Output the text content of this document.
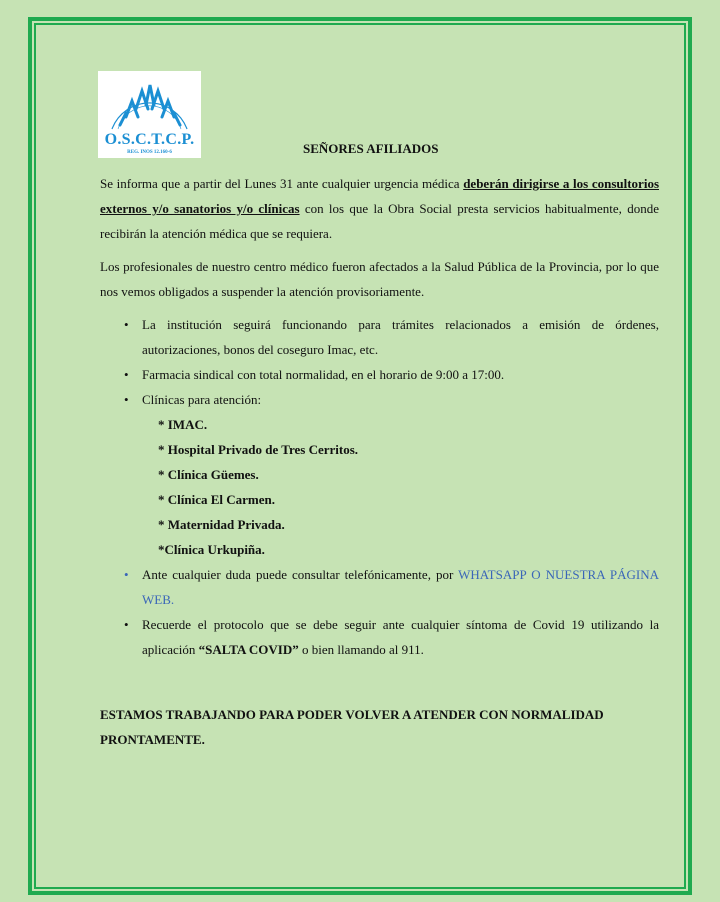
O.S.C.T.C.P.
REG. INOS 12.160-6	SEÑORES AFILIADOS
Se informa que a partir del Lunes 31 ante cualquier urgencia médica deberán dirigirse a los consultorios externos y/o sanatorios y/o clínicas con los que la Obra Social presta servicios habitualmente, donde recibirán la atención médica que se requiera.
Los profesionales de nuestro centro médico fueron afectados a la Salud Pública de la Provincia, por lo que nos vemos obligados a suspender la atención provisoriamente.
• La institución seguirá funcionando para trámites relacionados a emisión de órdenes, autorizaciones, bonos del coseguro Imac, etc.
• Farmacia sindical con total normalidad, en el horario de 9:00 a 17:00.
• Clínicas para atención:
* IMAC.
* Hospital Privado de Tres Cerritos.
* Clínica Güemes.
* Clínica El Carmen.
* Maternidad Privada.
*Clínica Urkupiña.
• Ante cualquier duda puede consultar telefónicamente, por WHATSAPP O NUESTRA PÁGINA WEB.
• Recuerde el protocolo que se debe seguir ante cualquier síntoma de Covid 19 utilizando la aplicación “SALTA COVID” o bien llamando al 911.
ESTAMOS TRABAJANDO PARA PODER VOLVER A ATENDER CON NORMALIDAD PRONTAMENTE.
